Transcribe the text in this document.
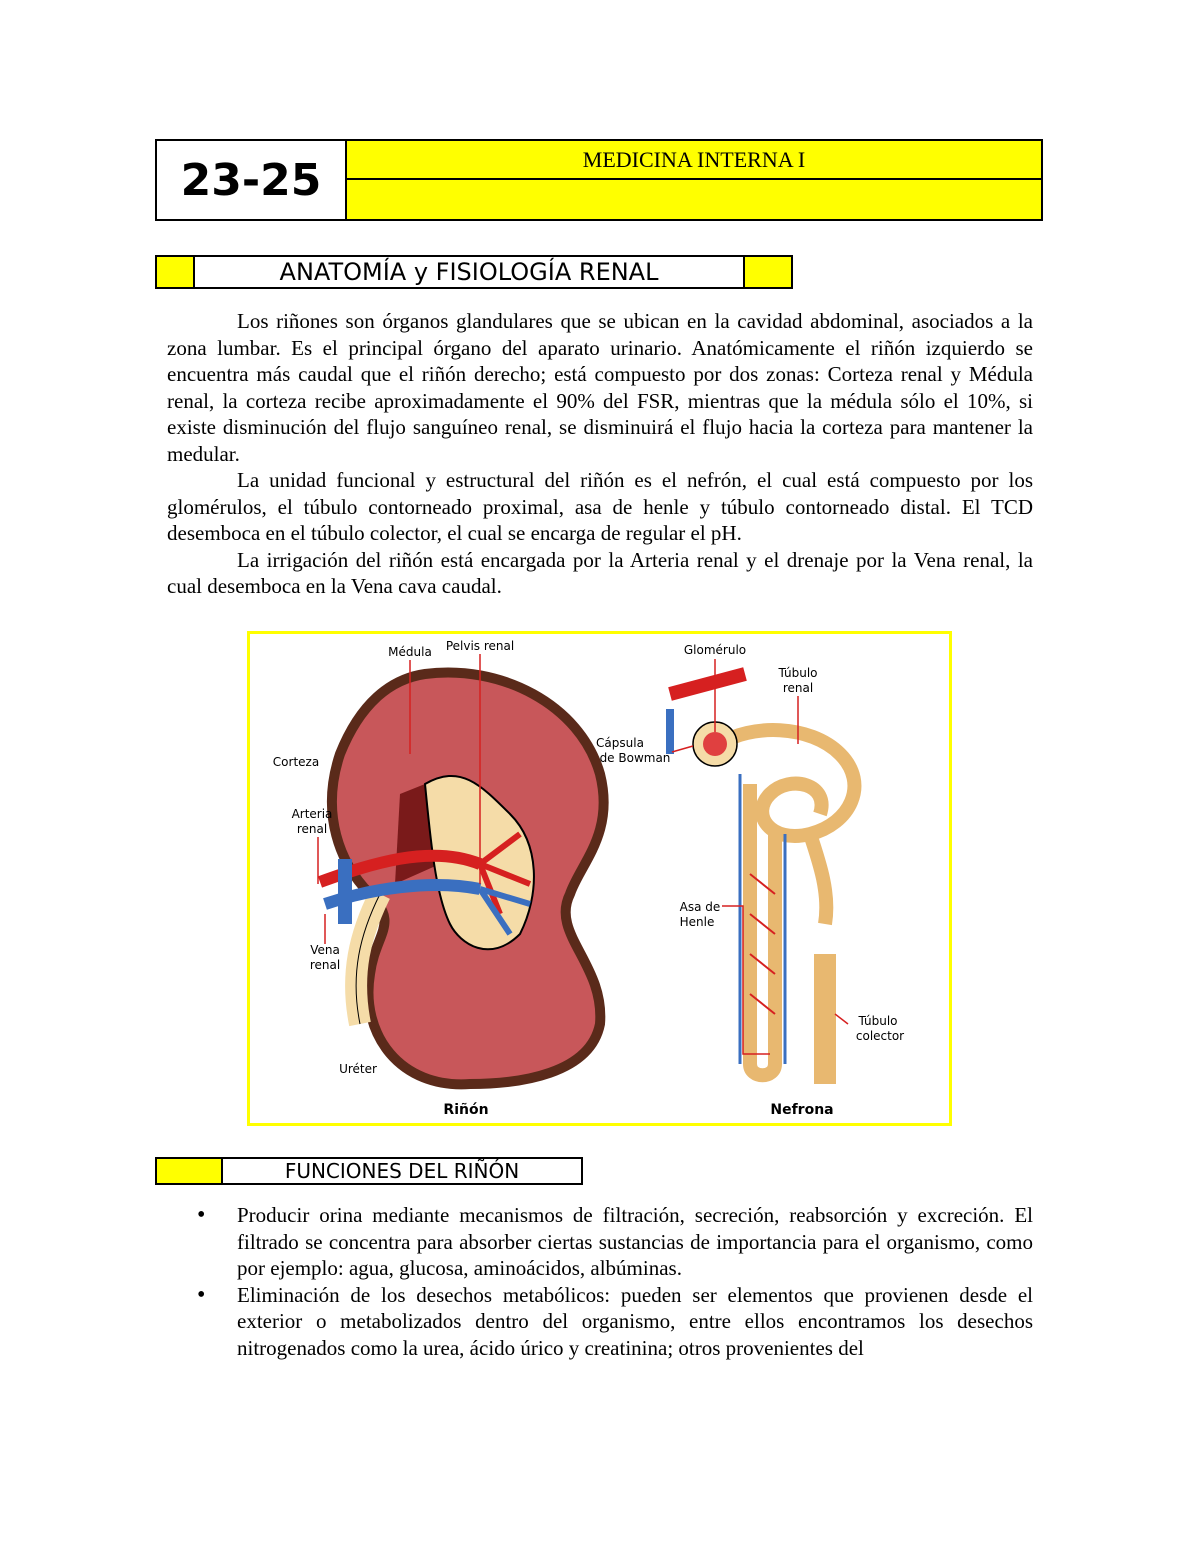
23-25	MEDICINA INTERNA I
ALTERACIONES RENALES
ANATOMÍA y FISIOLOGÍA RENAL

Los riñones son órganos glandulares que se ubican en la cavidad abdominal, asociados a la zona lumbar. Es el principal órgano del aparato urinario. Anatómicamente el riñón izquierdo se encuentra más caudal que el riñón derecho; está compuesto por dos zonas: Corteza renal y Médula renal, la corteza recibe aproximadamente el 90% del FSR, mientras que la médula sólo el 10%, si existe disminución del flujo sanguíneo renal, se disminuirá el flujo hacia la corteza para mantener la medular.

La unidad funcional y estructural del riñón es el nefrón, el cual está compuesto por los glomérulos, el túbulo contorneado proximal, asa de henle y túbulo contorneado distal. El TCD desemboca en el túbulo colector, el cual se encarga de regular el pH.

La irrigación del riñón está encargada por la Arteria renal y el drenaje por la Vena renal, la cual desemboca en la Vena cava caudal.

Médula Pelvis renal
Corteza
Arteria
renal
Vena
renal
Uréter
Glomérulo
Túbulo
renal
Cápsula
de Bowman
Asa de
Henle
Túbulo
colector
Riñón	Nefrona
FUNCIONES DEL RIÑÓN
• Producir orina mediante mecanismos de filtración, secreción, reabsorción y excreción. El filtrado se concentra para absorber ciertas sustancias de importancia para el organismo, como por ejemplo: agua, glucosa, aminoácidos, albúminas.
• Eliminación de los desechos metabólicos: pueden ser elementos que provienen desde el exterior o metabolizados dentro del organismo, entre ellos encontramos los desechos nitrogenados como la urea, ácido úrico y creatinina; otros provenientes del
